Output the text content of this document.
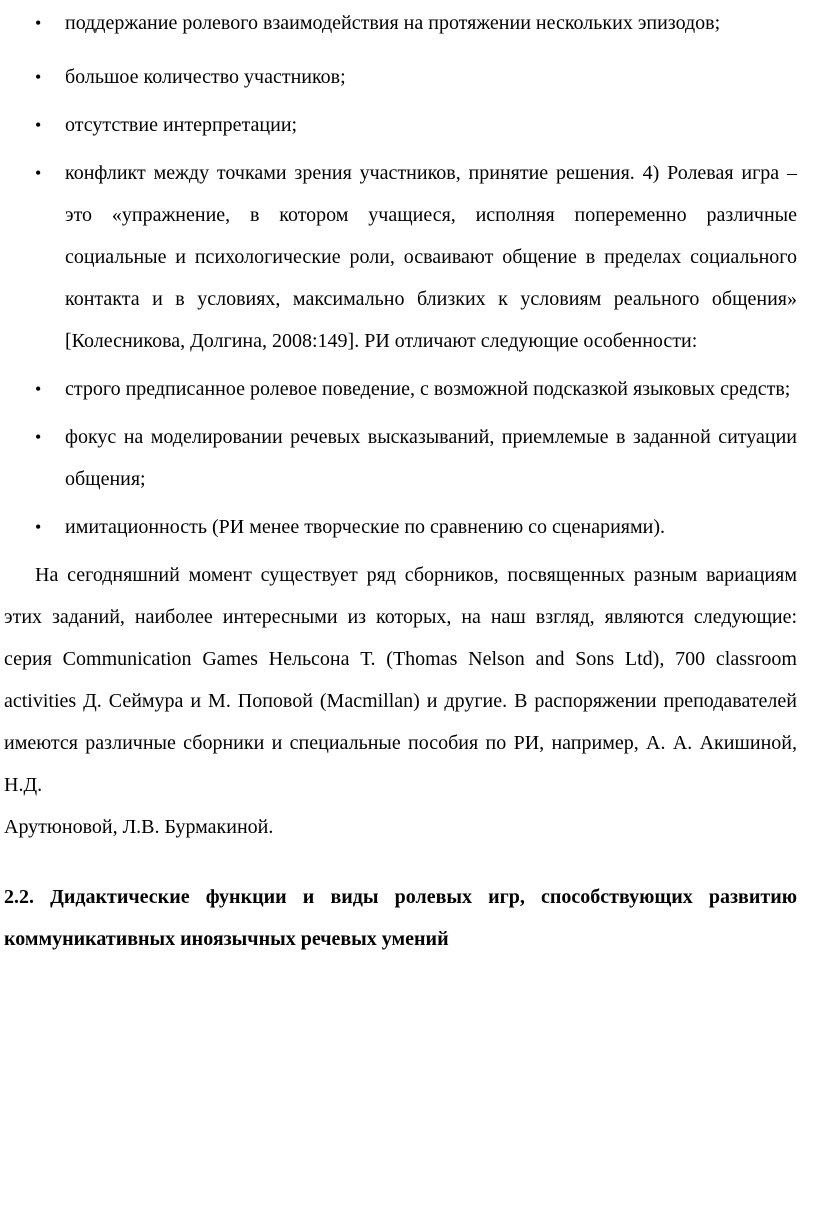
• поддержание ролевого взаимодействия на протяжении нескольких эпизодов;
• большое количество участников;
• отсутствие интерпретации;
• конфликт между точками зрения участников, принятие решения. 4) Ролевая игра – это «упражнение, в котором учащиеся, исполняя попеременно различные социальные и психологические роли, осваивают общение в пределах социального контакта и в условиях, максимально близких к условиям реального общения» [Колесникова, Долгина, 2008:149]. РИ отличают следующие особенности:
• строго предписанное ролевое поведение, с возможной подсказкой языковых средств;
• фокус на моделировании речевых высказываний, приемлемые в заданной ситуации общения;
• имитационность (РИ менее творческие по сравнению со сценариями).

На сегодняшний момент существует ряд сборников, посвященных разным вариациям этих заданий, наиболее интересными из которых, на наш взгляд, являются следующие: серия Communication Games Нельсона Т. (Thomas Nelson and Sons Ltd), 700 classroom activities Д. Сеймура и М. Поповой (Macmillan) и другие. В распоряжении преподавателей имеются различные сборники и специальные пособия по РИ, например, А. А. Акишиной, Н.Д.

Арутюновой, Л.В. Бурмакиной.

2.2. Дидактические функции и виды ролевых игр, способствующих развитию коммуникативных иноязычных речевых умений
